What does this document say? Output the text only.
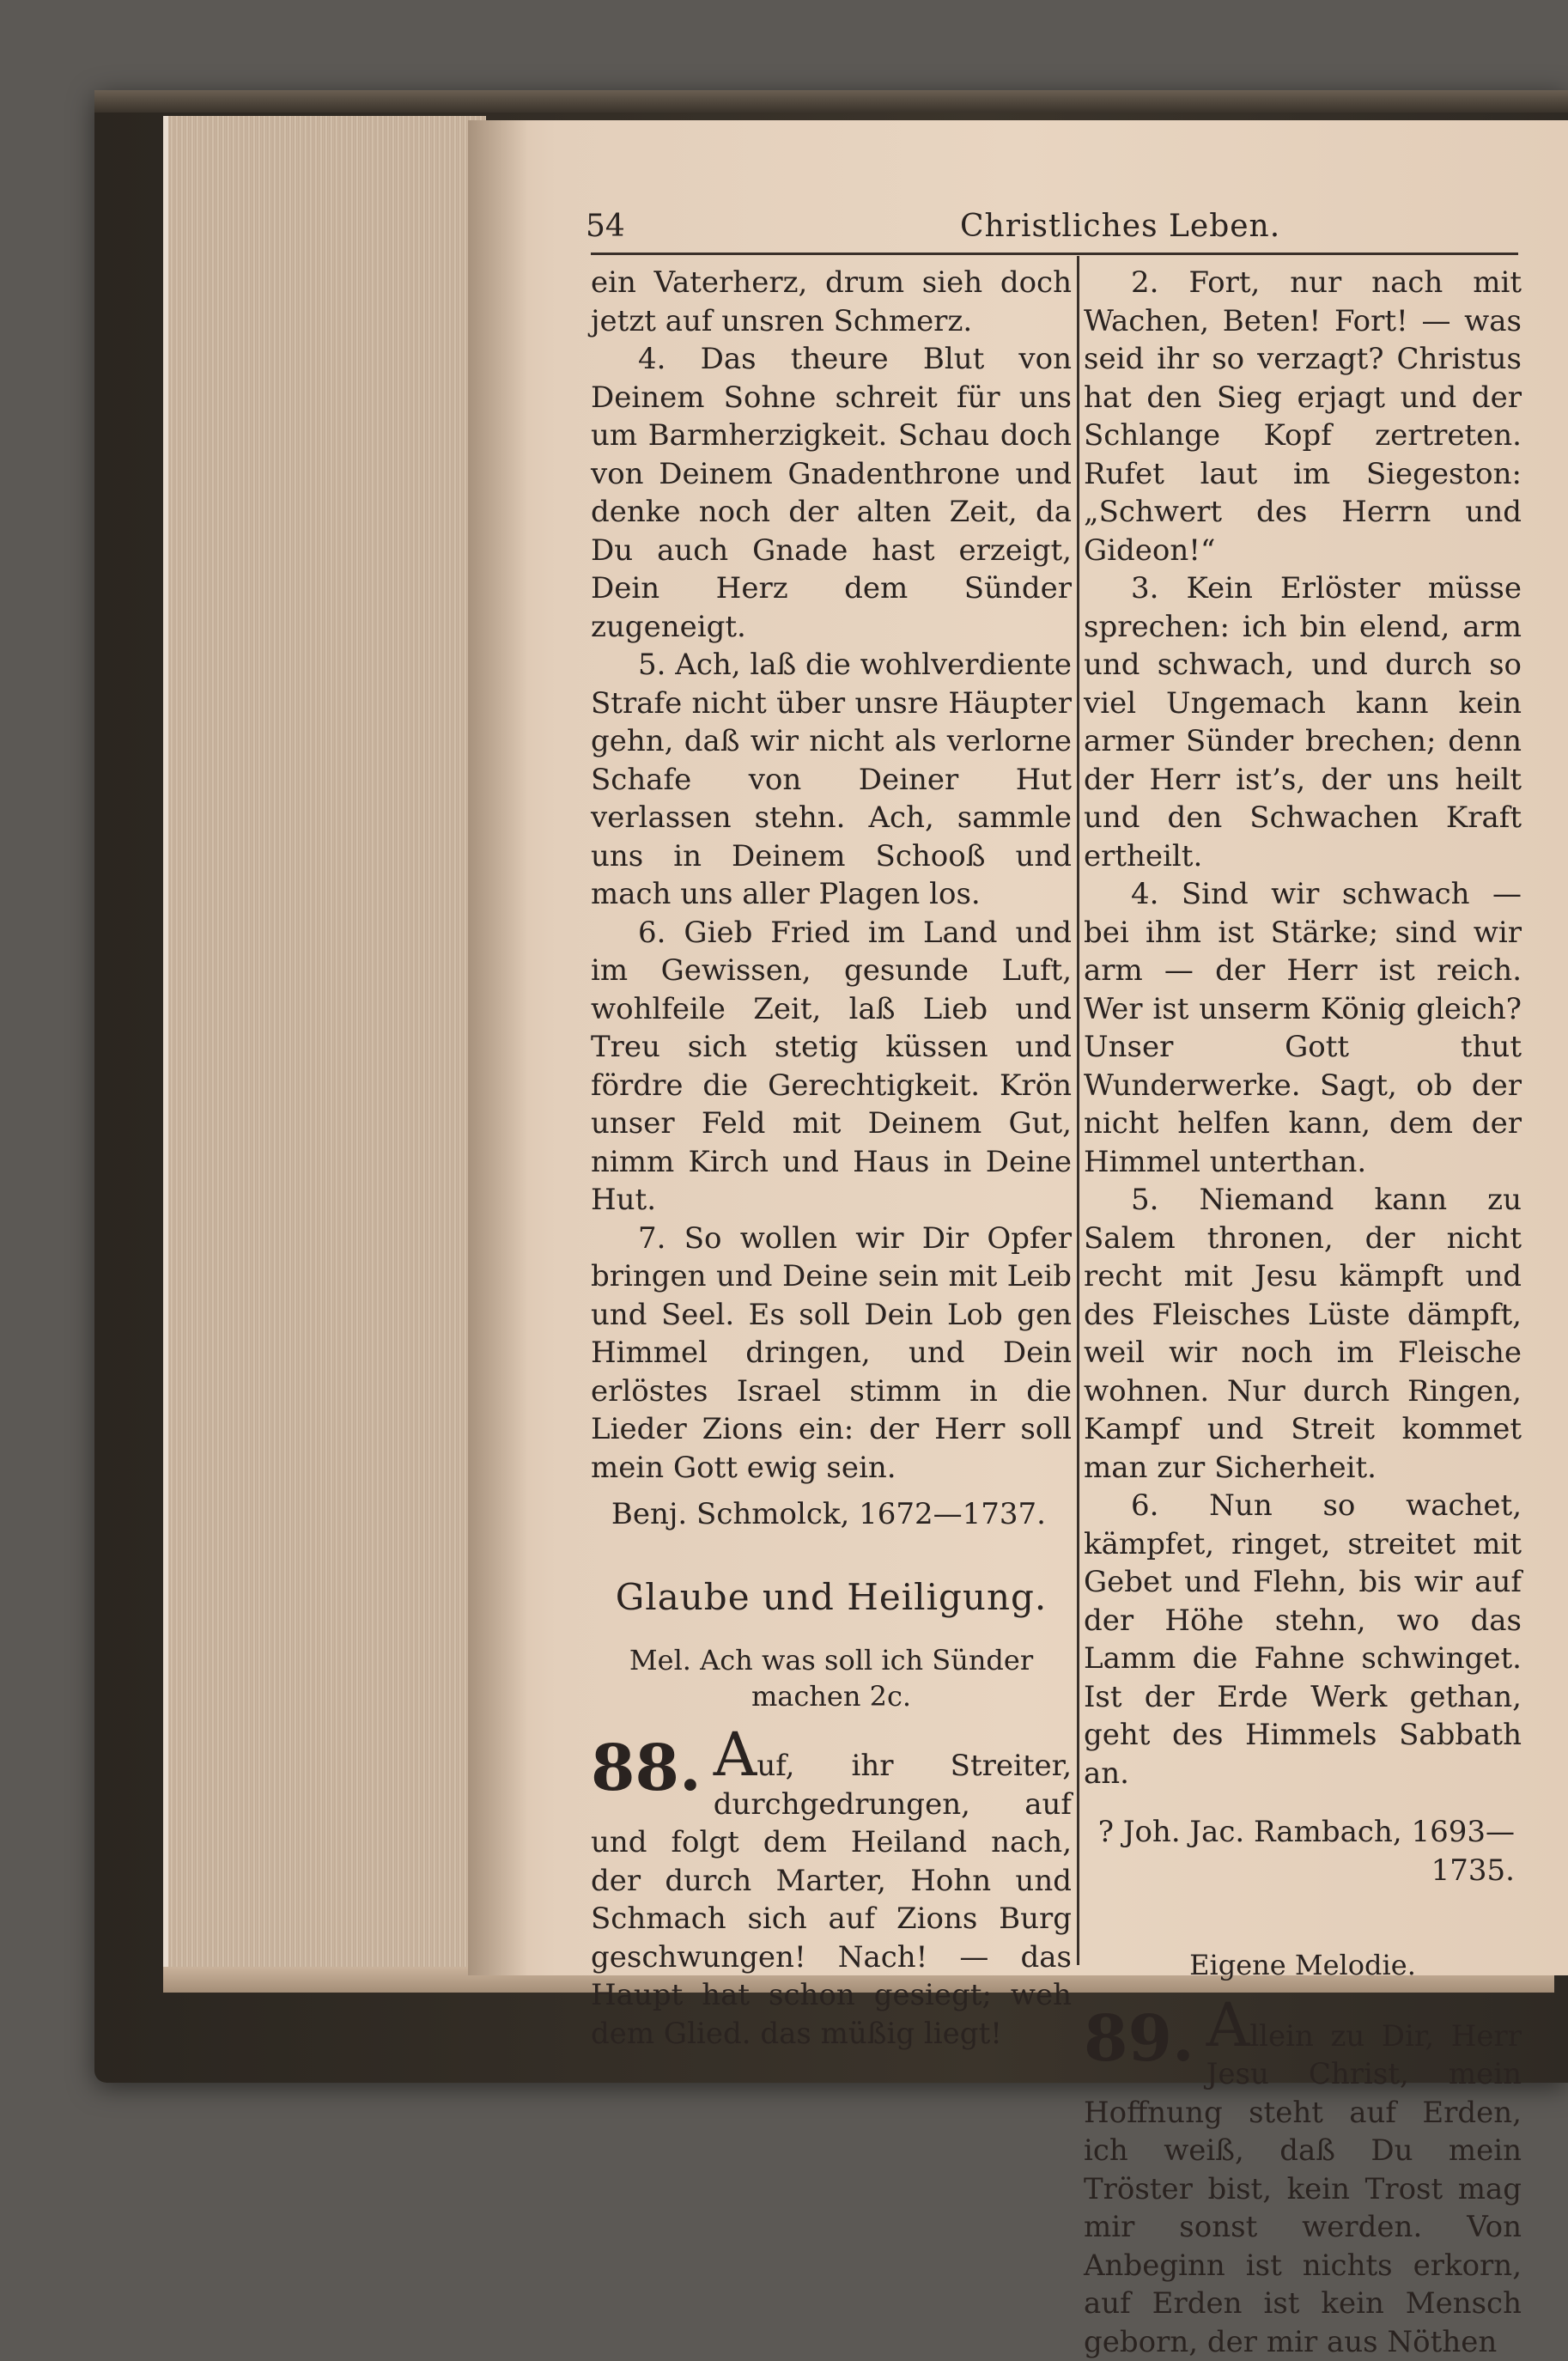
54	Christliches Leben.

ein Vaterherz, drum sieh doch jetzt auf unsren Schmerz.

4. Das theure Blut von Deinem Sohne schreit für uns um Barmherzigkeit. Schau doch von Deinem Gnadenthrone und denke noch der alten Zeit, da Du auch Gnade hast erzeigt, Dein Herz dem Sünder zugeneigt.

5. Ach, laß die wohlverdiente Strafe nicht über unsre Häupter gehn, daß wir nicht als verlorne Schafe von Deiner Hut verlassen stehn. Ach, sammle uns in Deinem Schooß und mach uns aller Plagen los.

6. Gieb Fried im Land und im Gewissen, gesunde Luft, wohlfeile Zeit, laß Lieb und Treu sich stetig küssen und fördre die Gerechtigkeit. Krön unser Feld mit Deinem Gut, nimm Kirch und Haus in Deine Hut.

7. So wollen wir Dir Opfer bringen und Deine sein mit Leib und Seel. Es soll Dein Lob gen Himmel dringen, und Dein erlöstes Israel stimm in die Lieder Zions ein: der Herr soll mein Gott ewig sein.

Benj. Schmolck, 1672—1737.

Glaube und Heiligung.

Mel. Ach was soll ich Sünder machen 2c.

88. Auf, ihr Streiter, durchgedrungen, auf und folgt dem Heiland nach, der durch Marter, Hohn und Schmach sich auf Zions Burg geschwungen! Nach! — das Haupt hat schon gesiegt; weh dem Glied. das müßig liegt!

2. Fort, nur nach mit Wachen, Beten! Fort! — was seid ihr so verzagt? Christus hat den Sieg erjagt und der Schlange Kopf zertreten. Rufet laut im Siegeston: „Schwert des Herrn und Gideon!“

3. Kein Erlöster müsse sprechen: ich bin elend, arm und schwach, und durch so viel Ungemach kann kein armer Sünder brechen; denn der Herr ist’s, der uns heilt und den Schwachen Kraft ertheilt.

4. Sind wir schwach — bei ihm ist Stärke; sind wir arm — der Herr ist reich. Wer ist unserm König gleich? Unser Gott thut Wunderwerke. Sagt, ob der nicht helfen kann, dem der Himmel unterthan.

5. Niemand kann zu Salem thronen, der nicht recht mit Jesu kämpft und des Fleisches Lüste dämpft, weil wir noch im Fleische wohnen. Nur durch Ringen, Kampf und Streit kommet man zur Sicherheit.

6. Nun so wachet, kämpfet, ringet, streitet mit Gebet und Flehn, bis wir auf der Höhe stehn, wo das Lamm die Fahne schwinget. Ist der Erde Werk gethan, geht des Himmels Sabbath an.

? Joh. Jac. Rambach, 1693—1735.

Eigene Melodie.

89. Allein zu Dir, Herr Jesu Christ, mein Hoffnung steht auf Erden, ich weiß, daß Du mein Tröster bist, kein Trost mag mir sonst werden. Von Anbeginn ist nichts erkorn, auf Erden ist kein Mensch geborn, der mir aus Nöthen
